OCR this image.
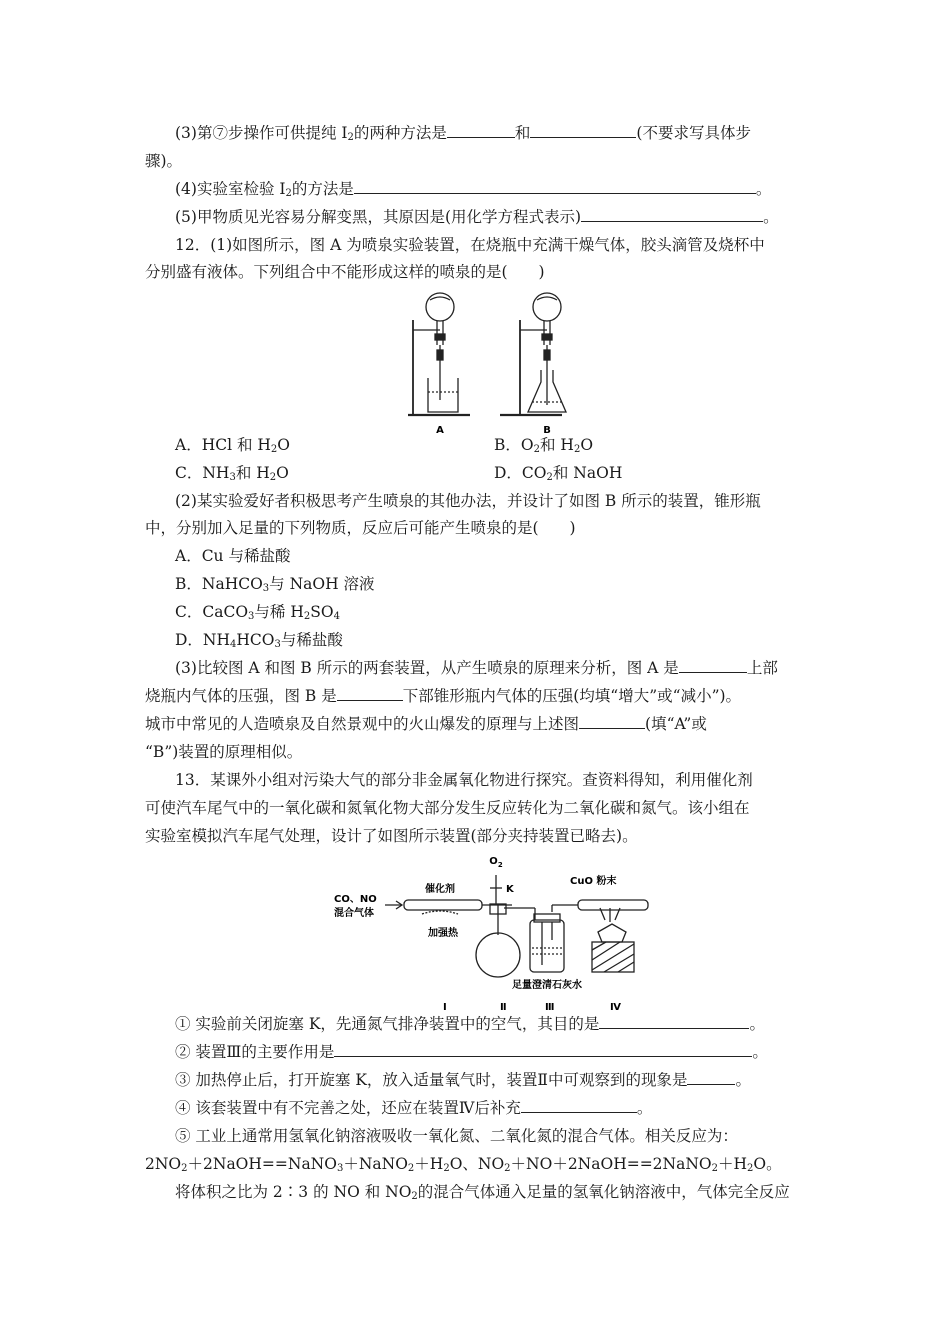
(3)第⑦步操作可供提纯 $I_2$的两种方法是	和	(不要求写具体步
骤)。
(4)实验室检验 $I_2$的方法是	。
(5)甲物质见光容易分解变黑，其原因是(用化学方程式表示)	。
12．(1)如图所示，图 A 为喷泉实验装置，在烧瓶中充满干燥气体，胶头滴管及烧杯中
分别盛有液体。下列组合中不能形成这样的喷泉的是(　　)
A	B
A．HCl 和 $H_2O$	B．$O_2$和 $H_2O$
C．$NH_3$和 $H_2O$	D．$CO_2$和 NaOH
(2)某实验爱好者积极思考产生喷泉的其他办法，并设计了如图 B 所示的装置，锥形瓶
中，分别加入足量的下列物质，反应后可能产生喷泉的是(　　)
A．Cu 与稀盐酸
B．NaHCO$_3$与 NaOH 溶液
C．CaCO$_3$与稀 $H_2SO_4$
D．$NH_4HCO_3$与稀盐酸
(3)比较图 A 和图 B 所示的两套装置，从产生喷泉的原理来分析，图 A 是	上部
烧瓶内气体的压强，图 B 是	下部锥形瓶内气体的压强(均填“增大”或“减小”)。
城市中常见的人造喷泉及自然景观中的火山爆发的原理与上述图	(填“A”或
“B”)装置的原理相似。
13．某课外小组对污染大气的部分非金属氧化物进行探究。查资料得知，利用催化剂
可使汽车尾气中的一氧化碳和氮氧化物大部分发生反应转化为二氧化碳和氮气。该小组在
实验室模拟汽车尾气处理，设计了如图所示装置(部分夹持装置已略去)。
$O_2$
CO、NO
混合气体
催化剂	K
CuO 粉末
加强热
足量澄清石灰水
Ⅰ	Ⅱ	Ⅲ	Ⅳ
① 实验前关闭旋塞 K，先通氮气排净装置中的空气，其目的是	。
② 装置Ⅲ的主要作用是	。
③ 加热停止后，打开旋塞 K，放入适量氧气时，装置Ⅱ中可观察到的现象是	。
④ 该套装置中有不完善之处，还应在装置Ⅳ后补充	。
⑤ 工业上通常用氢氧化钠溶液吸收一氧化氮、二氧化氮的混合气体。相关反应为：
$2NO_2+2NaOH==NaNO_3+NaNO_2+H_2O$、$NO_2+NO+2NaOH==2NaNO_2+H_2O$。
将体积之比为 2∶3 的 NO 和 $NO_2$的混合气体通入足量的氢氧化钠溶液中，气体完全反应
